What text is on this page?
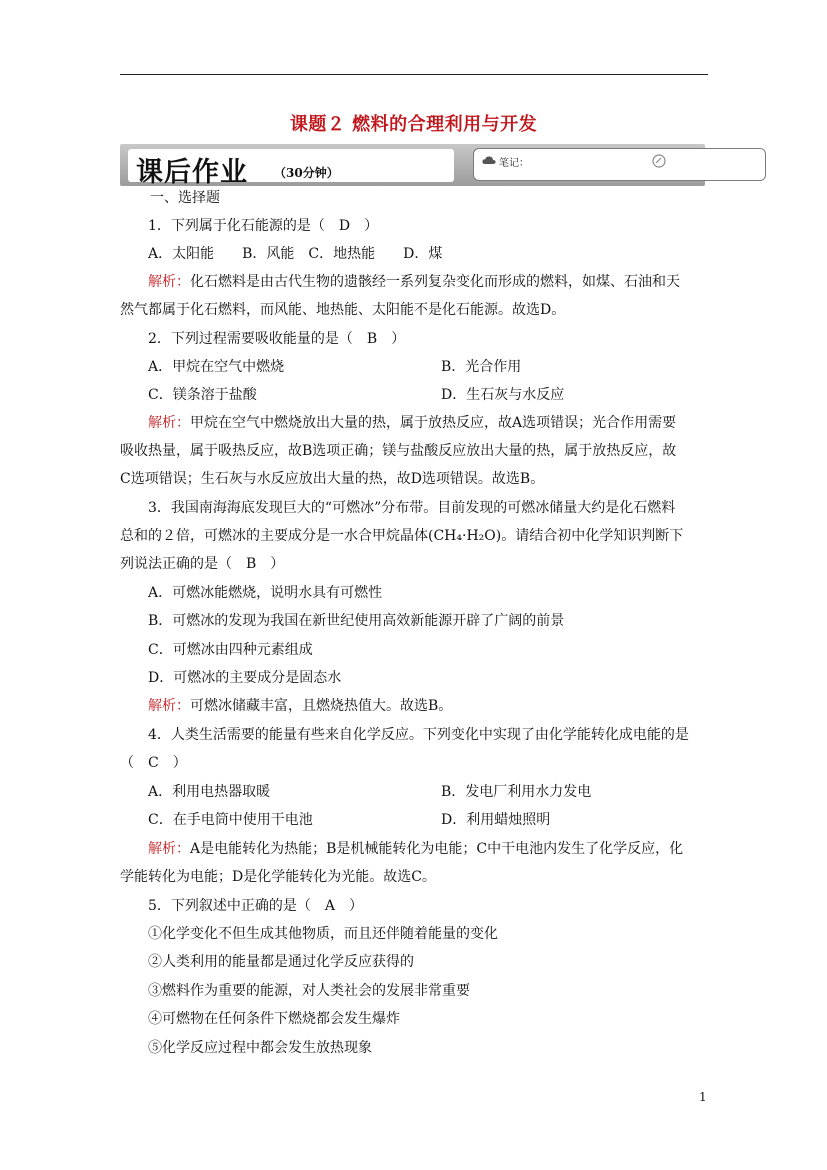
课题２ 燃料的合理利用与开发
课后作业 （30分钟）
笔记：
一、选择题
1．下列属于化石能源的是（　D　）
A．太阳能　　B．风能　C．地热能　　D．煤
解析：化石燃料是由古代生物的遗骸经一系列复杂变化而形成的燃料，如煤、石油和天
然气都属于化石燃料，而风能、地热能、太阳能不是化石能源。故选D。
2．下列过程需要吸收能量的是（　B　）
A．甲烷在空气中燃烧	B．光合作用
C．镁条溶于盐酸	D．生石灰与水反应
解析：甲烷在空气中燃烧放出大量的热，属于放热反应，故A选项错误；光合作用需要
吸收热量，属于吸热反应，故B选项正确；镁与盐酸反应放出大量的热，属于放热反应，故
C选项错误；生石灰与水反应放出大量的热，故D选项错误。故选B。
3．我国南海海底发现巨大的“可燃冰”分布带。目前发现的可燃冰储量大约是化石燃料
总和的２倍，可燃冰的主要成分是一水合甲烷晶体(CH₄·H₂O)。请结合初中化学知识判断下
列说法正确的是（　B　）
A．可燃冰能燃烧，说明水具有可燃性
B．可燃冰的发现为我国在新世纪使用高效新能源开辟了广阔的前景
C．可燃冰由四种元素组成
D．可燃冰的主要成分是固态水
解析：可燃冰储藏丰富，且燃烧热值大。故选B。
4．人类生活需要的能量有些来自化学反应。下列变化中实现了由化学能转化成电能的是
（　C　）
A．利用电热器取暖	B．发电厂利用水力发电
C．在手电筒中使用干电池	D．利用蜡烛照明
解析：A是电能转化为热能；B是机械能转化为电能；C中干电池内发生了化学反应，化
学能转化为电能；D是化学能转化为光能。故选C。
5．下列叙述中正确的是（　A　）
①化学变化不但生成其他物质，而且还伴随着能量的变化
②人类利用的能量都是通过化学反应获得的
③燃料作为重要的能源，对人类社会的发展非常重要
④可燃物在任何条件下燃烧都会发生爆炸
⑤化学反应过程中都会发生放热现象
1
